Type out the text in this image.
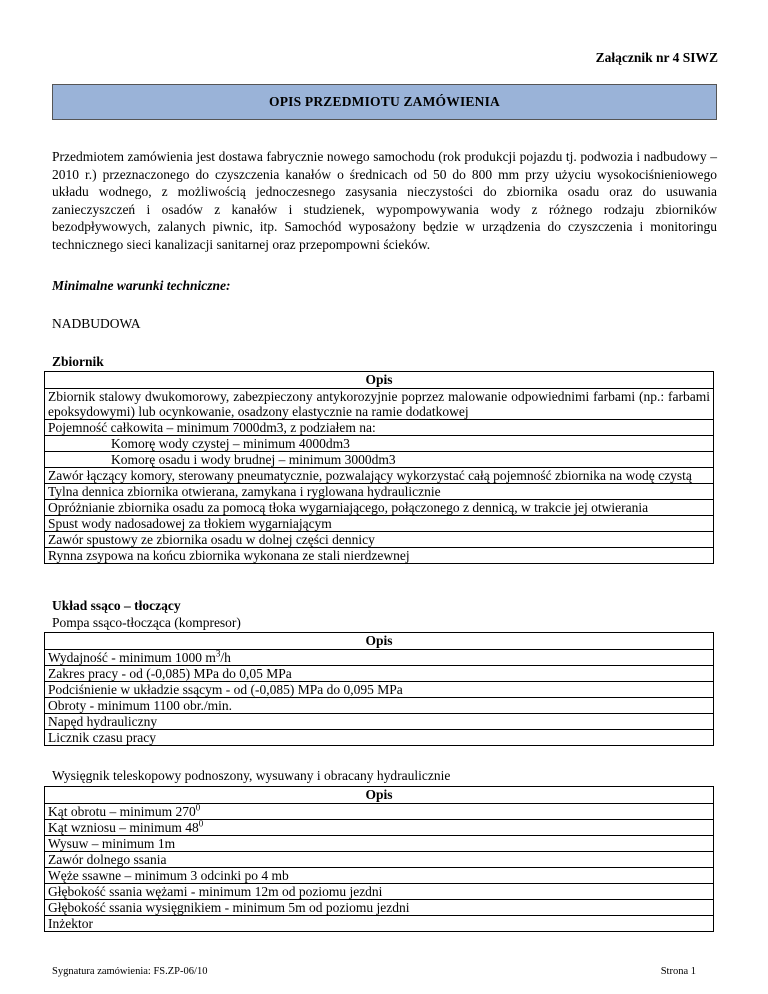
Załącznik nr 4 SIWZ
OPIS PRZEDMIOTU ZAMÓWIENIA

Przedmiotem zamówienia jest dostawa fabrycznie nowego samochodu (rok produkcji pojazdu tj. podwozia i nadbudowy – 2010 r.) przeznaczonego do czyszczenia kanałów o średnicach od 50 do 800 mm przy użyciu wysokociśnieniowego układu wodnego, z możliwością jednoczesnego zasysania nieczystości do zbiornika osadu oraz do usuwania zanieczyszczeń i osadów z kanałów i studzienek, wypompowywania wody z różnego rodzaju zbiorników bezodpływowych, zalanych piwnic, itp. Samochód wyposażony będzie w urządzenia do czyszczenia i monitoringu technicznego sieci kanalizacji sanitarnej oraz przepompowni ścieków.

Minimalne warunki techniczne:

NADBUDOWA

Zbiornik

Opis
Zbiornik stalowy dwukomorowy, zabezpieczony antykorozyjnie poprzez malowanie odpowiednimi farbami (np.: farbami epoksydowymi) lub ocynkowanie, osadzony elastycznie na ramie dodatkowej
Pojemność całkowita – minimum 7000dm3, z podziałem na:
Komorę wody czystej – minimum 4000dm3
Komorę osadu i wody brudnej – minimum 3000dm3
Zawór łączący komory, sterowany pneumatycznie, pozwalający wykorzystać całą pojemność zbiornika na wodę czystą
Tylna dennica zbiornika otwierana, zamykana i ryglowana hydraulicznie
Opróżnianie zbiornika osadu za pomocą tłoka wygarniającego, połączonego z dennicą, w trakcie jej otwierania
Spust wody nadosadowej za tłokiem wygarniającym
Zawór spustowy ze zbiornika osadu w dolnej części dennicy
Rynna zsypowa na końcu zbiornika wykonana ze stali nierdzewnej

Układ ssąco – tłoczący

Pompa ssąco-tłocząca (kompresor)

Opis
Wydajność - minimum 1000 $m^3/h$
Zakres pracy - od (-0,085) MPa do 0,05 MPa
Podciśnienie w układzie ssącym - od (-0,085) MPa do 0,095 MPa
Obroty - minimum 1100 obr./min.
Napęd hydrauliczny
Licznik czasu pracy

Wysięgnik teleskopowy podnoszony, wysuwany i obracany hydraulicznie

Opis
Kąt obrotu – minimum $270^0$
Kąt wzniosu – minimum $48^0$
Wysuw – minimum 1m
Zawór dolnego ssania
Węże ssawne – minimum 3 odcinki po 4 mb
Głębokość ssania wężami - minimum 12m od poziomu jezdni
Głębokość ssania wysięgnikiem - minimum 5m od poziomu jezdni
Inżektor
Sygnatura zamówienia: FS.ZP-06/10	Strona 1
